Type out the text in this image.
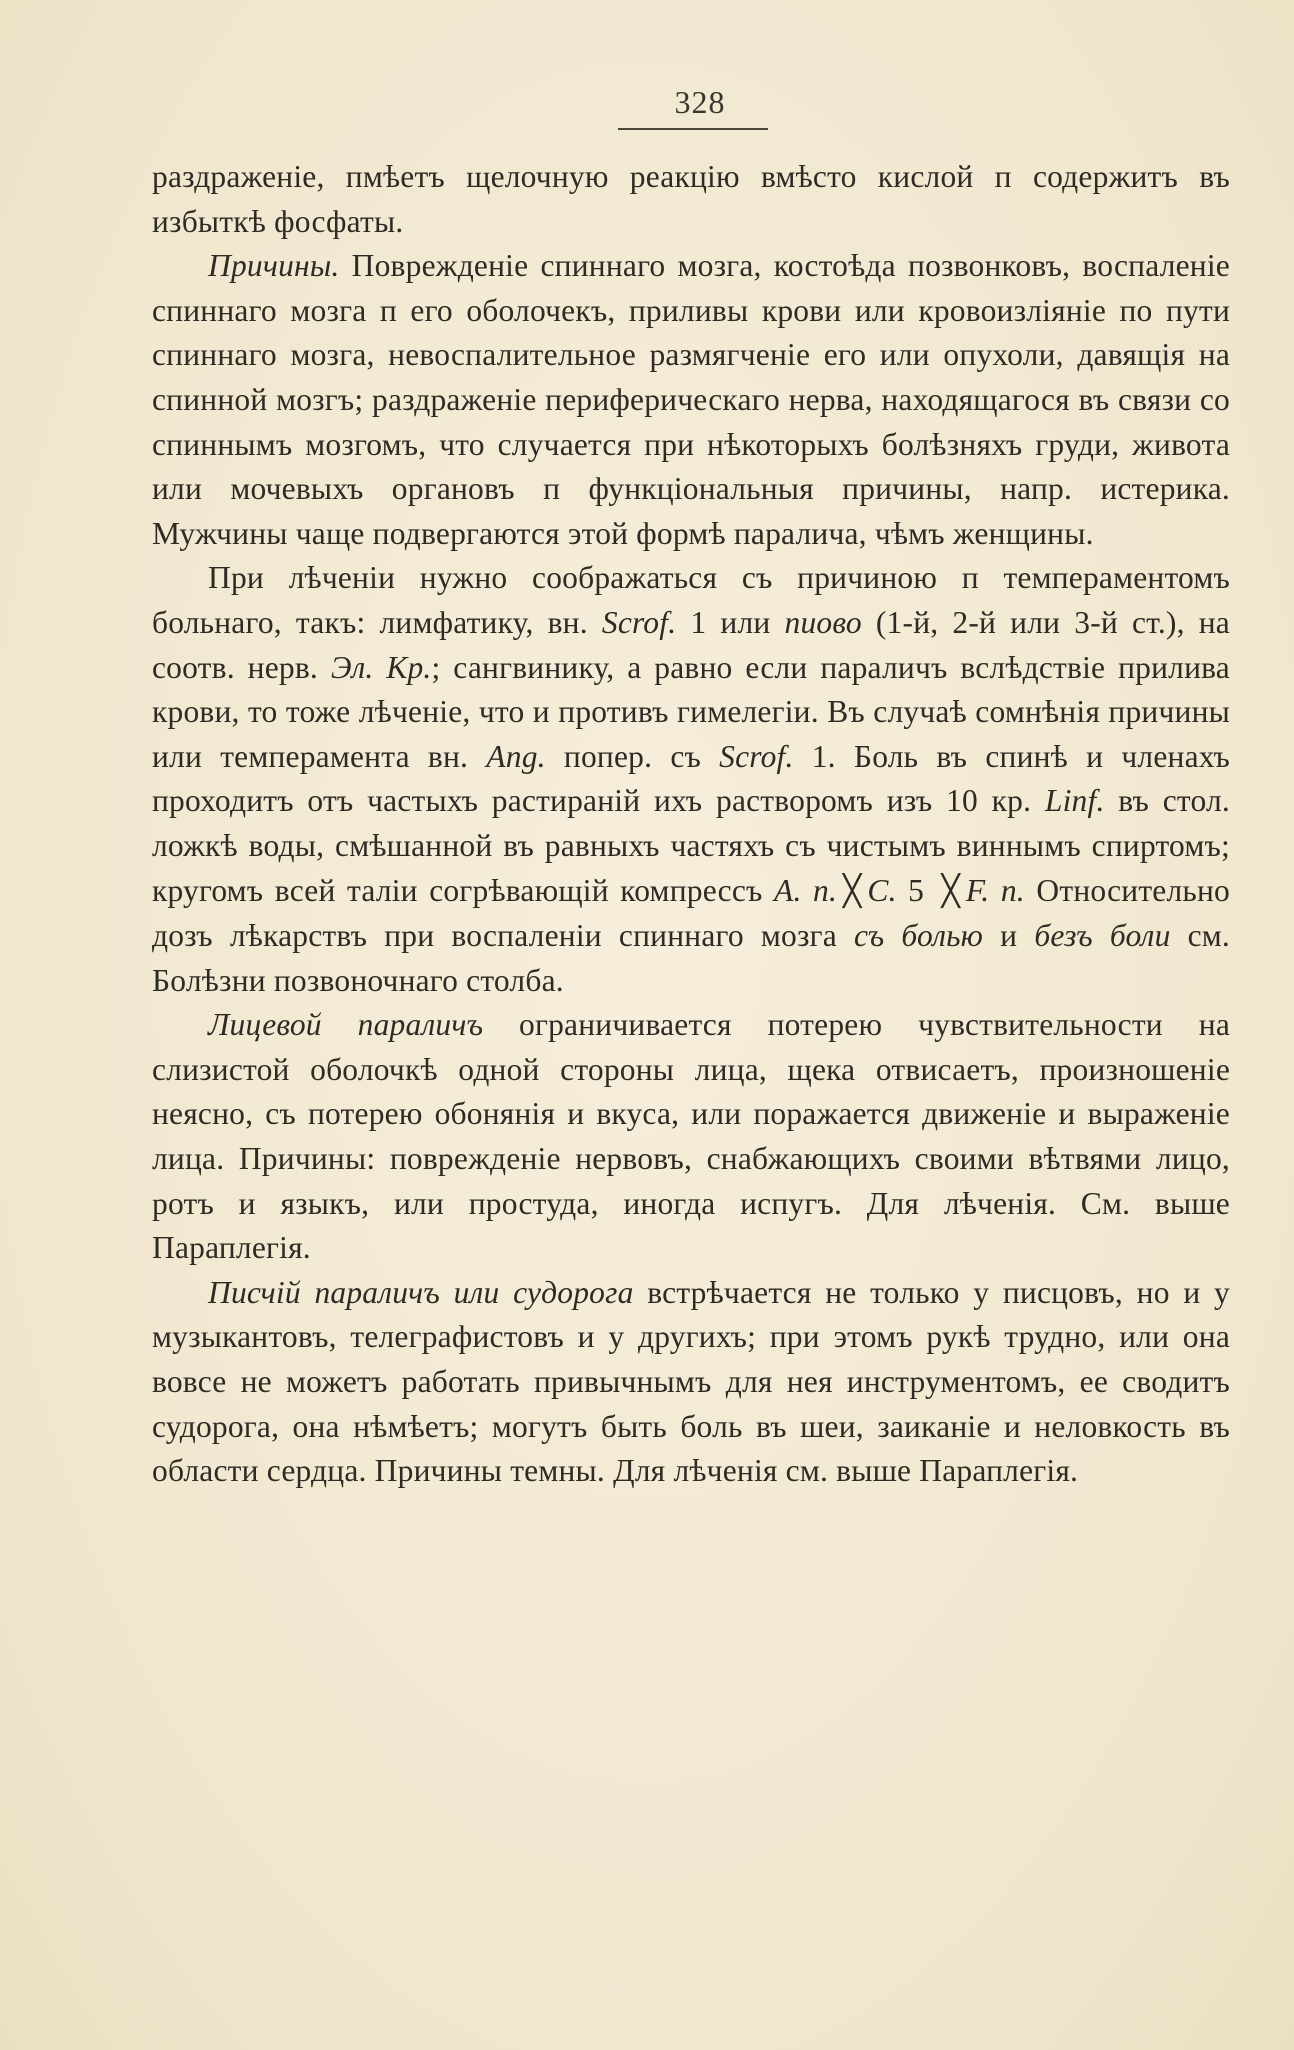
328

раздраженіе, пмѣетъ щелочную реакцію вмѣсто кислой п содержитъ въ избыткѣ фосфаты.

Причины. Поврежденіе спиннаго мозга, костоѣда позвонковъ, воспаленіе спиннаго мозга п его оболочекъ, приливы крови или кровоизліяніе по пути спиннаго мозга, невоспалительное размягченіе его или опухоли, давящія на спинной мозгъ; раздраженіе периферическаго нерва, находящагося въ связи со спиннымъ мозгомъ, что случается при нѣкоторыхъ болѣзняхъ груди, живота или мочевыхъ органовъ п функціональныя причины, напр. истерика. Мужчины чаще подвергаются этой формѣ паралича, чѣмъ женщины.

При лѣченіи нужно соображаться съ причиною п темпераментомъ больнаго, такъ: лимфатику, вн. Scrof. 1 или пиово (1-й, 2-й или 3-й ст.), на соотв. нерв. Эл. Кр.; сангвинику, а равно если параличъ вслѣдствіе прилива крови, то тоже лѣченіе, что и противъ гимелегіи. Въ случаѣ сомнѣнія причины или темперамента вн. Ang. попер. съ Scrof. 1. Боль въ спинѣ и членахъ проходитъ отъ частыхъ растираній ихъ растворомъ изъ 10 кр. Linf. въ стол. ложкѣ воды, смѣшанной въ равныхъ частяхъ съ чистымъ виннымъ спиртомъ; кругомъ всей таліи согрѣвающій компрессъ A. n. ╳ C. 5 ╳ F. n. Относительно дозъ лѣкарствъ при воспаленіи спиннаго мозга съ болью и безъ боли см. Болѣзни позвоночнаго столба.

Лицевой параличъ ограничивается потерею чувствительности на слизистой оболочкѣ одной стороны лица, щека отвисаетъ, произношеніе неясно, съ потерею обонянія и вкуса, или поражается движеніе и выраженіе лица. Причины: поврежденіе нервовъ, снабжающихъ своими вѣтвями лицо, ротъ и языкъ, или простуда, иногда испугъ. Для лѣченія. См. выше Параплегія.

Писчій параличъ или судорога встрѣчается не только у писцовъ, но и у музыкантовъ, телеграфистовъ и у другихъ; при этомъ рукѣ трудно, или она вовсе не можетъ работать привычнымъ для нея инструментомъ, ее сводитъ судорога, она нѣмѣетъ; могутъ быть боль въ шеи, заиканіе и неловкость въ области сердца. Причины темны. Для лѣченія см. выше Параплегія.
